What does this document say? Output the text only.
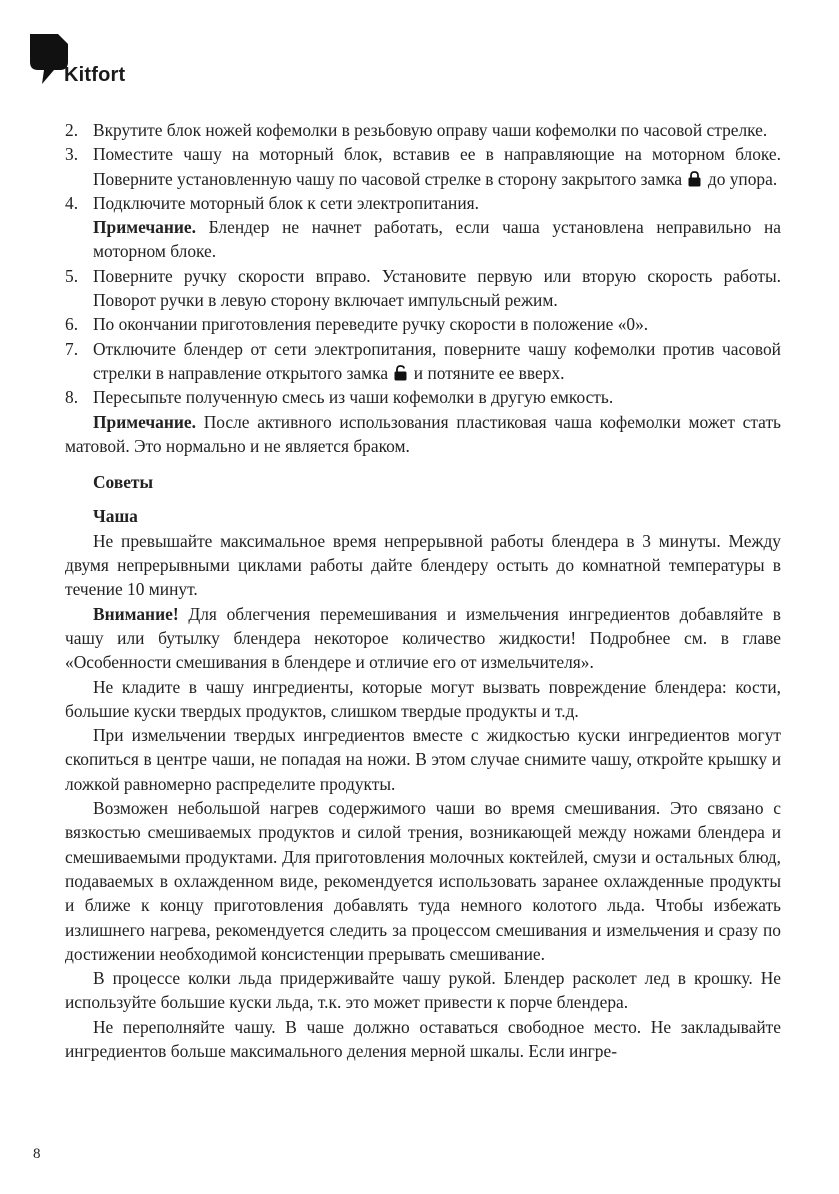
Kitfort

2. Вкрутите блок ножей кофемолки в резьбовую оправу чаши кофемолки по часовой стрелке.

3. Поместите чашу на моторный блок, вставив ее в направляющие на моторном блоке. Поверните установленную чашу по часовой стрелке в сторону закрытого замка до упора.

4. Подключите моторный блок к сети электропитания.

Примечание. Блендер не начнет работать, если чаша установлена неправильно на моторном блоке.

5. Поверните ручку скорости вправо. Установите первую или вторую скорость работы. Поворот ручки в левую сторону включает импульсный режим.

6. По окончании приготовления переведите ручку скорости в положение «0».

7. Отключите блендер от сети электропитания, поверните чашу кофемолки против часовой стрелки в направление открытого замка и потяните ее вверх.

8. Пересыпьте полученную смесь из чаши кофемолки в другую емкость.

Примечание. После активного использования пластиковая чаша кофемолки может стать матовой. Это нормально и не является браком.

Советы

Чаша

Не превышайте максимальное время непрерывной работы блендера в 3 минуты. Между двумя непрерывными циклами работы дайте блендеру остыть до комнатной температуры в течение 10 минут.

Внимание! Для облегчения перемешивания и измельчения ингредиентов добавляйте в чашу или бутылку блендера некоторое количество жидкости! Подробнее см. в главе «Особенности смешивания в блендере и отличие его от измельчителя».

Не кладите в чашу ингредиенты, которые могут вызвать повреждение блендера: кости, большие куски твердых продуктов, слишком твердые продукты и т.д.

При измельчении твердых ингредиентов вместе с жидкостью куски ингредиентов могут скопиться в центре чаши, не попадая на ножи. В этом случае снимите чашу, откройте крышку и ложкой равномерно распределите продукты.

Возможен небольшой нагрев содержимого чаши во время смешивания. Это связано с вязкостью смешиваемых продуктов и силой трения, возникающей между ножами блендера и смешиваемыми продуктами. Для приготовления молочных коктейлей, смузи и остальных блюд, подаваемых в охлажденном виде, рекомендуется использовать заранее охлажденные продукты и ближе к концу приготовления добавлять туда немного колотого льда. Чтобы избежать излишнего нагрева, рекомендуется следить за процессом смешивания и измельчения и сразу по достижении необходимой консистенции прерывать смешивание.

В процессе колки льда придерживайте чашу рукой. Блендер расколет лед в крошку. Не используйте большие куски льда, т.к. это может привести к порче блендера.

Не переполняйте чашу. В чаше должно оставаться свободное место. Не закладывайте ингредиентов больше максимального деления мерной шкалы. Если ингре-

8
